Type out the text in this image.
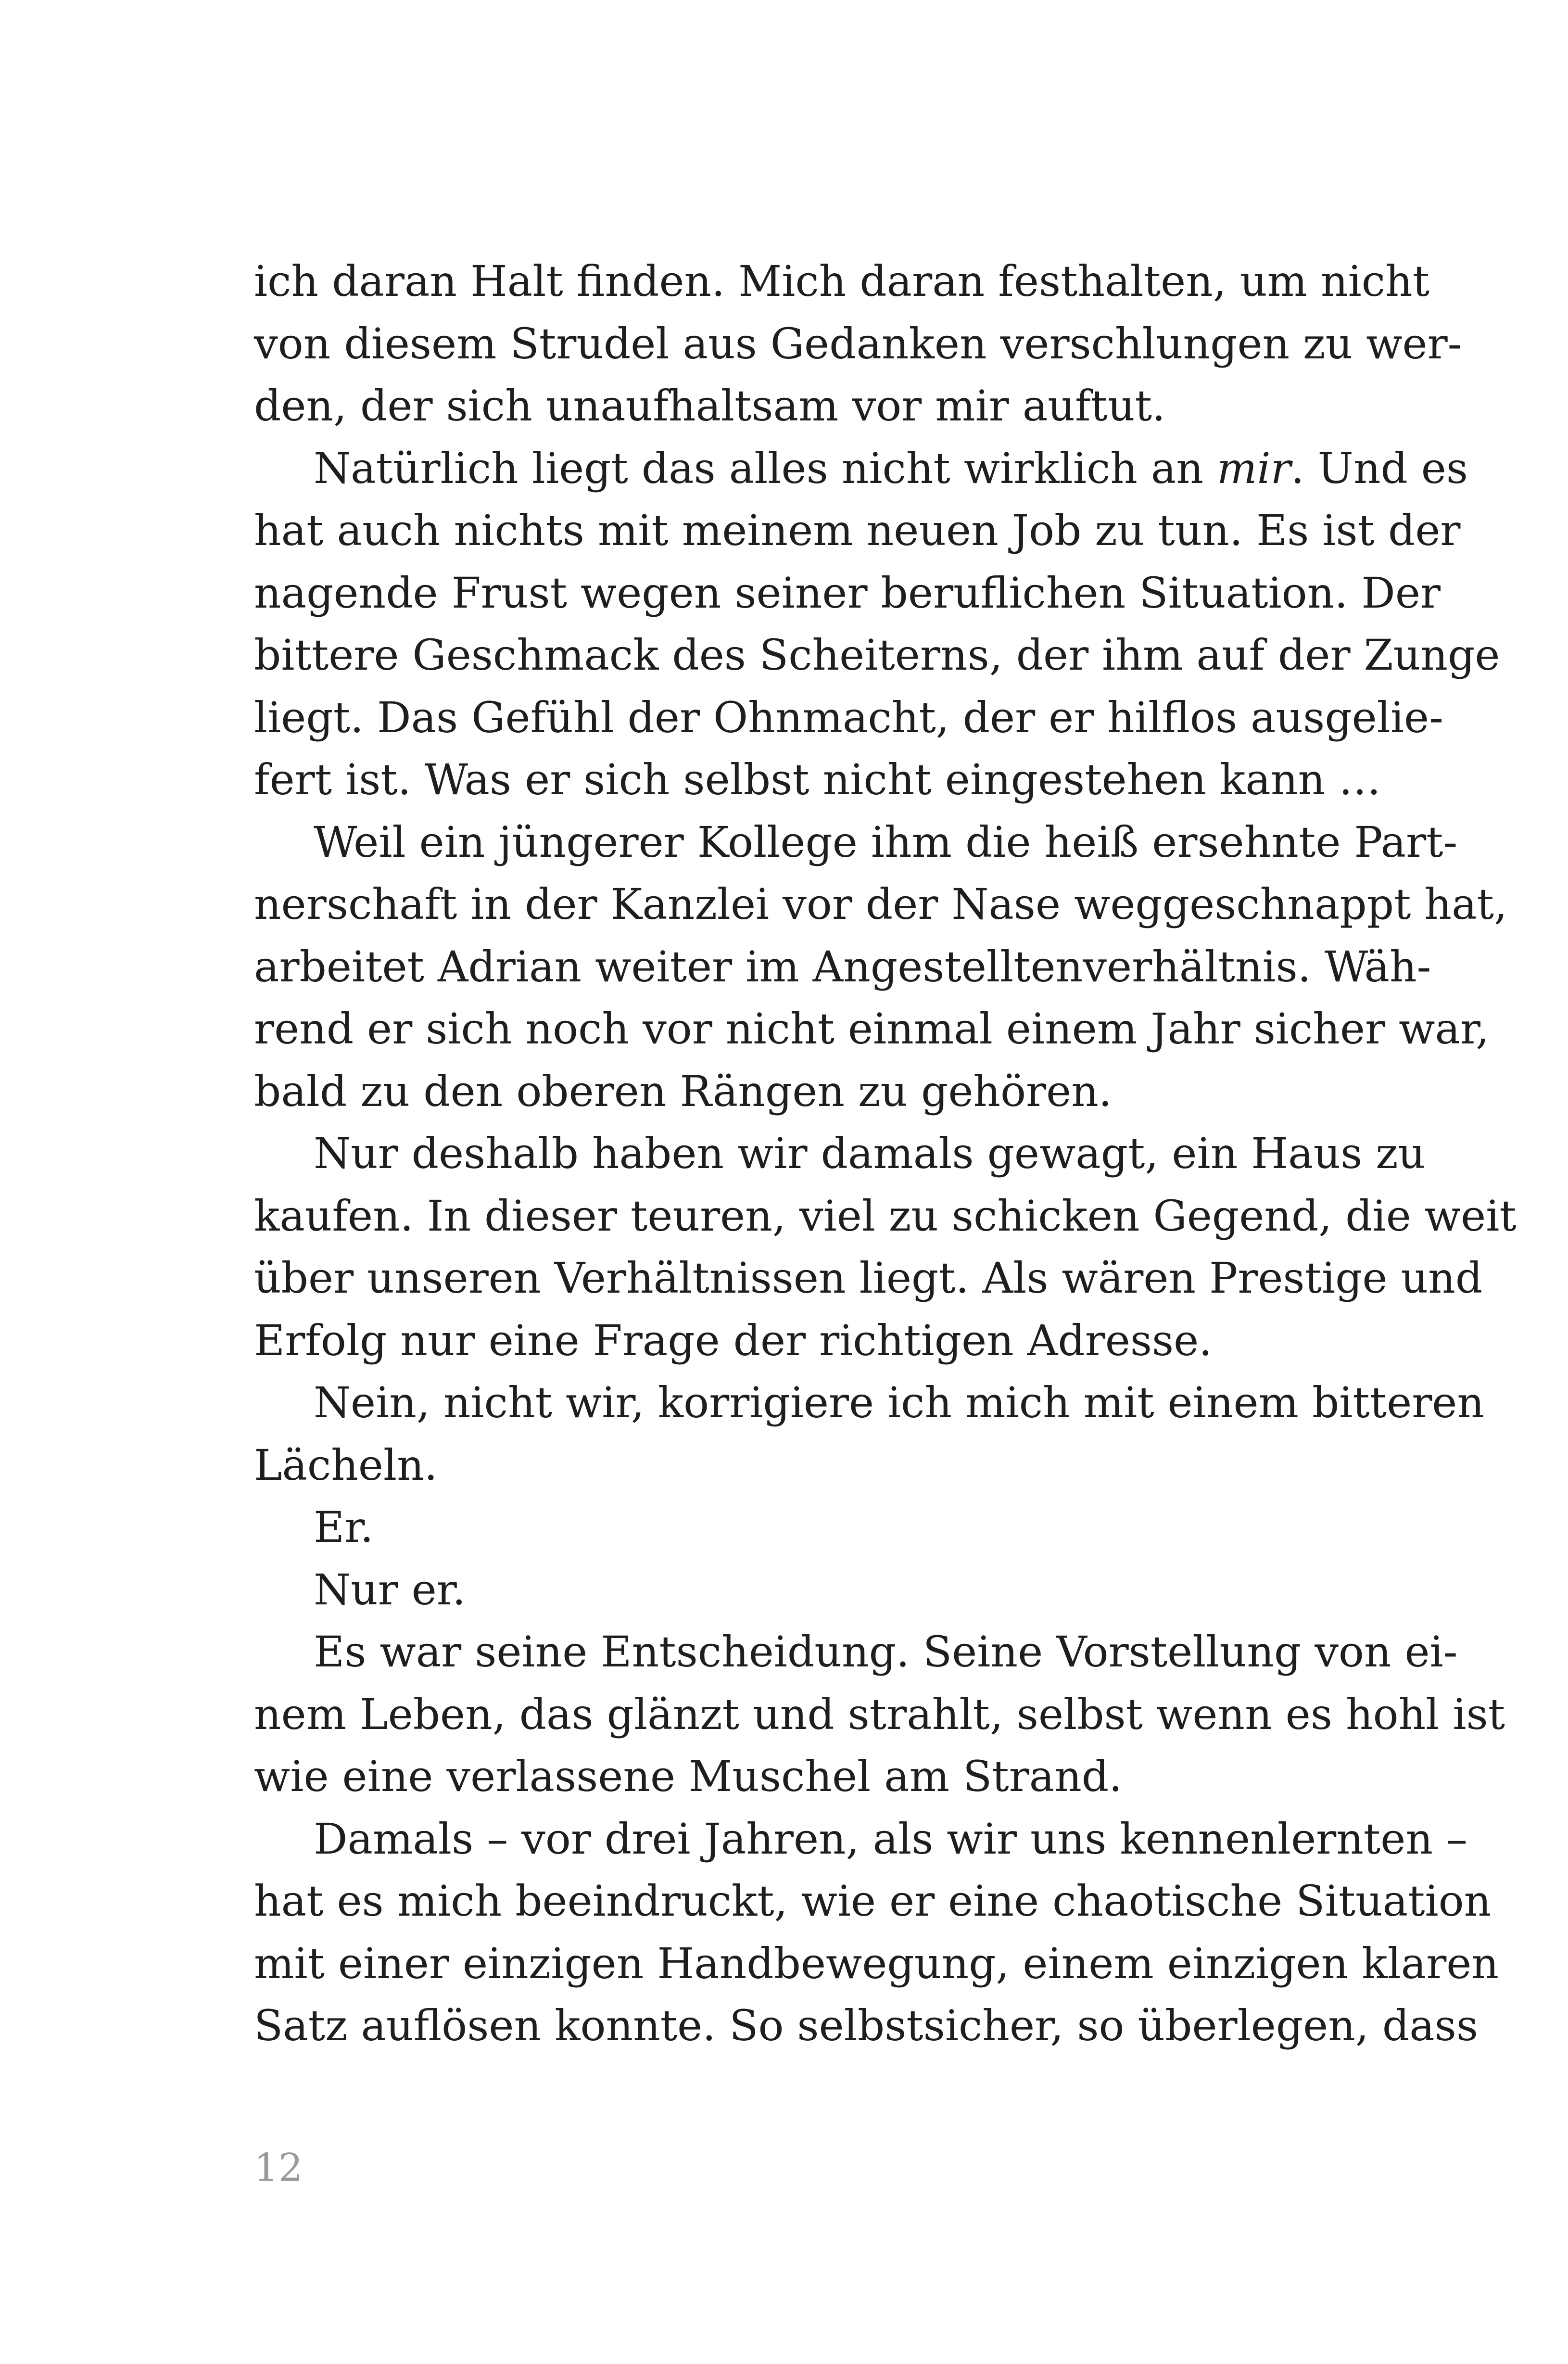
ich daran Halt finden. Mich daran festhalten, um nicht
von diesem Strudel aus Gedanken verschlungen zu wer-
den, der sich unaufhaltsam vor mir auftut.
Natürlich liegt das alles nicht wirklich an mir. Und es
hat auch nichts mit meinem neuen Job zu tun. Es ist der
nagende Frust wegen seiner beruflichen Situation. Der
bittere Geschmack des Scheiterns, der ihm auf der Zunge
liegt. Das Gefühl der Ohnmacht, der er hilflos ausgelie-
fert ist. Was er sich selbst nicht eingestehen kann …
Weil ein jüngerer Kollege ihm die heiß ersehnte Part-
nerschaft in der Kanzlei vor der Nase weggeschnappt hat,
arbeitet Adrian weiter im Angestelltenverhältnis. Wäh-
rend er sich noch vor nicht einmal einem Jahr sicher war,
bald zu den oberen Rängen zu gehören.
Nur deshalb haben wir damals gewagt, ein Haus zu
kaufen. In dieser teuren, viel zu schicken Gegend, die weit
über unseren Verhältnissen liegt. Als wären Prestige und
Erfolg nur eine Frage der richtigen Adresse.
Nein, nicht wir, korrigiere ich mich mit einem bitteren
Lächeln.
Er.
Nur er.
Es war seine Entscheidung. Seine Vorstellung von ei-
nem Leben, das glänzt und strahlt, selbst wenn es hohl ist
wie eine verlassene Muschel am Strand.
Damals – vor drei Jahren, als wir uns kennenlernten –
hat es mich beeindruckt, wie er eine chaotische Situation
mit einer einzigen Handbewegung, einem einzigen klaren
Satz auflösen konnte. So selbstsicher, so überlegen, dass
12
